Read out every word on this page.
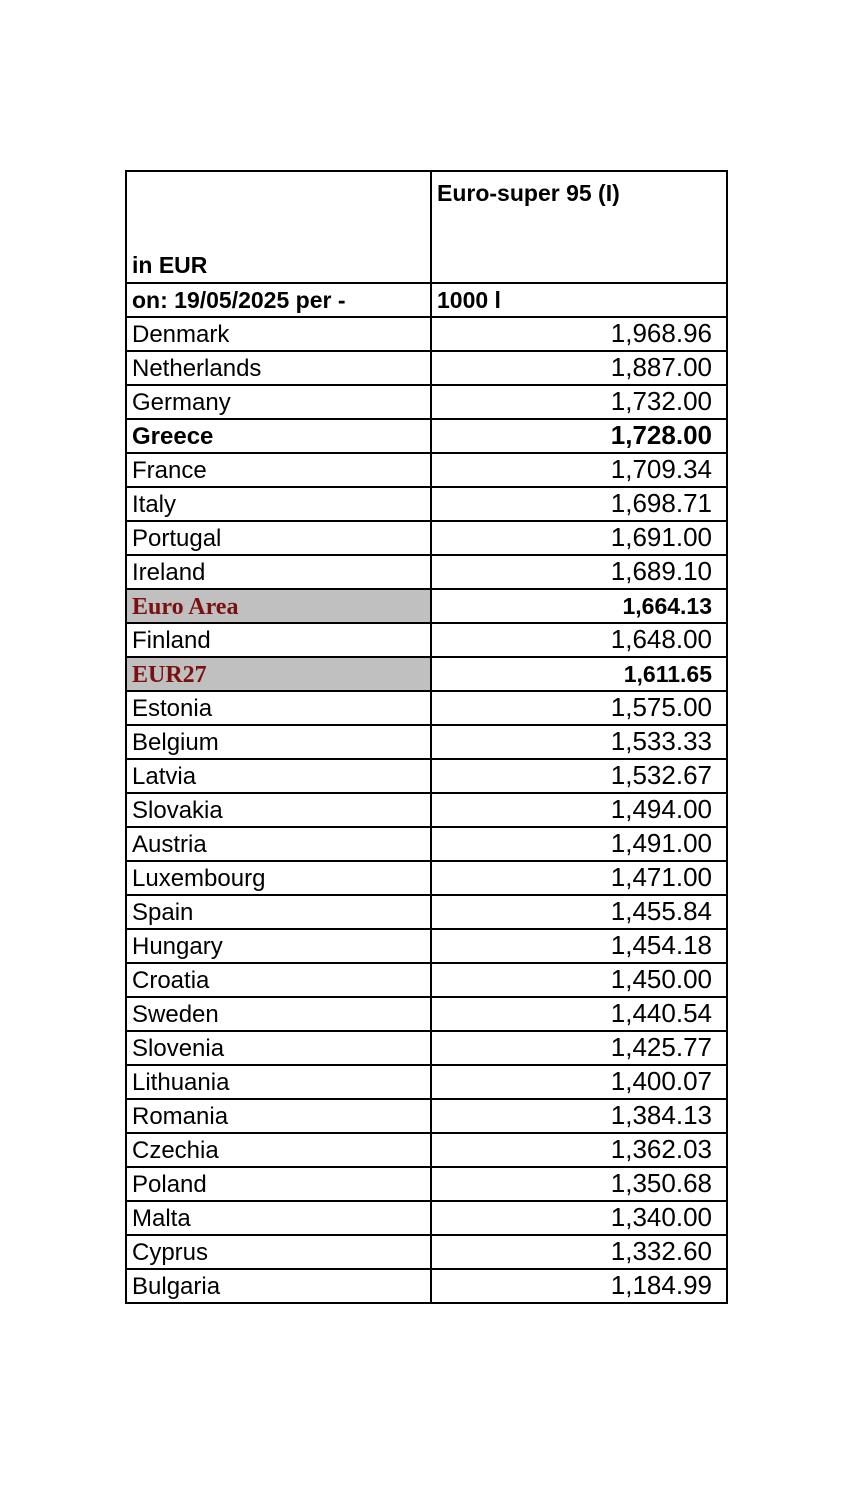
in EUR	Euro-super 95 (I)
on: 19/05/2025 per -	1000 l
Denmark	1,968.96
Netherlands	1,887.00
Germany	1,732.00
Greece	1,728.00
France	1,709.34
Italy	1,698.71
Portugal	1,691.00
Ireland	1,689.10
Euro Area	1,664.13
Finland	1,648.00
EUR27	1,611.65
Estonia	1,575.00
Belgium	1,533.33
Latvia	1,532.67
Slovakia	1,494.00
Austria	1,491.00
Luxembourg	1,471.00
Spain	1,455.84
Hungary	1,454.18
Croatia	1,450.00
Sweden	1,440.54
Slovenia	1,425.77
Lithuania	1,400.07
Romania	1,384.13
Czechia	1,362.03
Poland	1,350.68
Malta	1,340.00
Cyprus	1,332.60
Bulgaria	1,184.99
